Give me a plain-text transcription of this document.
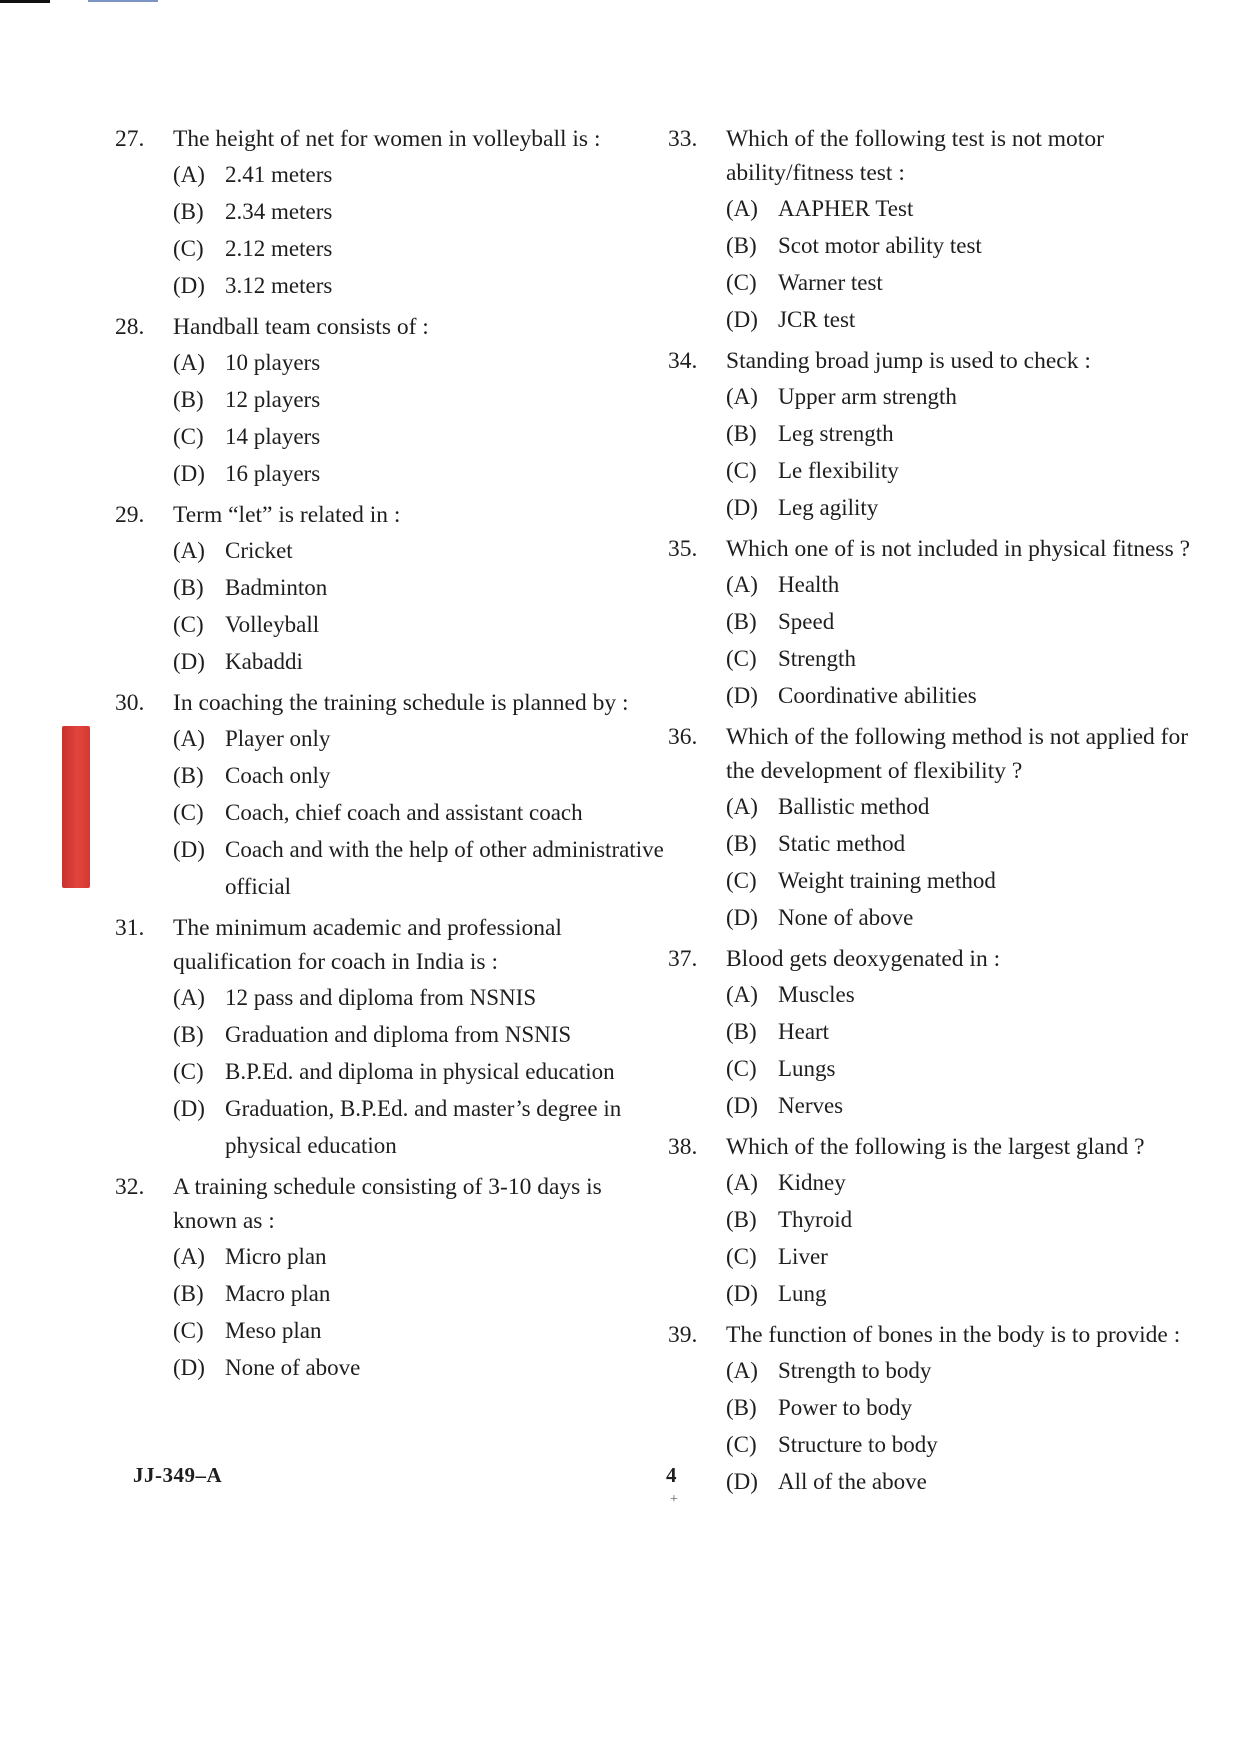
27.	The height of net for women in volleyball is :
(A) 2.41 meters
(B) 2.34 meters
(C) 2.12 meters
(D) 3.12 meters
28.	Handball team consists of :
(A) 10 players
(B) 12 players
(C) 14 players
(D) 16 players
29.	Term “let” is related in :
(A) Cricket
(B) Badminton
(C) Volleyball
(D) Kabaddi
30.	In coaching the training schedule is planned by :
(A) Player only
(B) Coach only
(C) Coach, chief coach and assistant coach
(D) Coach and with the help of other administrative official
31.	The minimum academic and professional qualification for coach in India is :
(A) 12 pass and diploma from NSNIS
(B) Graduation and diploma from NSNIS
(C) B.P.Ed. and diploma in physical education
(D) Graduation, B.P.Ed. and master’s degree in physical education
32.	A training schedule consisting of 3-10 days is known as :
(A) Micro plan
(B) Macro plan
(C) Meso plan
(D) None of above
33.	Which of the following test is not motor ability/fitness test :
(A) AAPHER Test
(B) Scot motor ability test
(C) Warner test
(D) JCR test
34.	Standing broad jump is used to check :
(A) Upper arm strength
(B) Leg strength
(C) Le flexibility
(D) Leg agility
35.	Which one of is not included in physical fitness ?
(A) Health
(B) Speed
(C) Strength
(D) Coordinative abilities
36.	Which of the following method is not applied for the development of flexibility ?
(A) Ballistic method
(B) Static method
(C) Weight training method
(D) None of above
37.	Blood gets deoxygenated in :
(A) Muscles
(B) Heart
(C) Lungs
(D) Nerves
38.	Which of the following is the largest gland ?
(A) Kidney
(B) Thyroid
(C) Liver
(D) Lung
39.	The function of bones in the body is to provide :
(A) Strength to body
(B) Power to body
(C) Structure to body
(D) All of the above
JJ-349–A	4
+
